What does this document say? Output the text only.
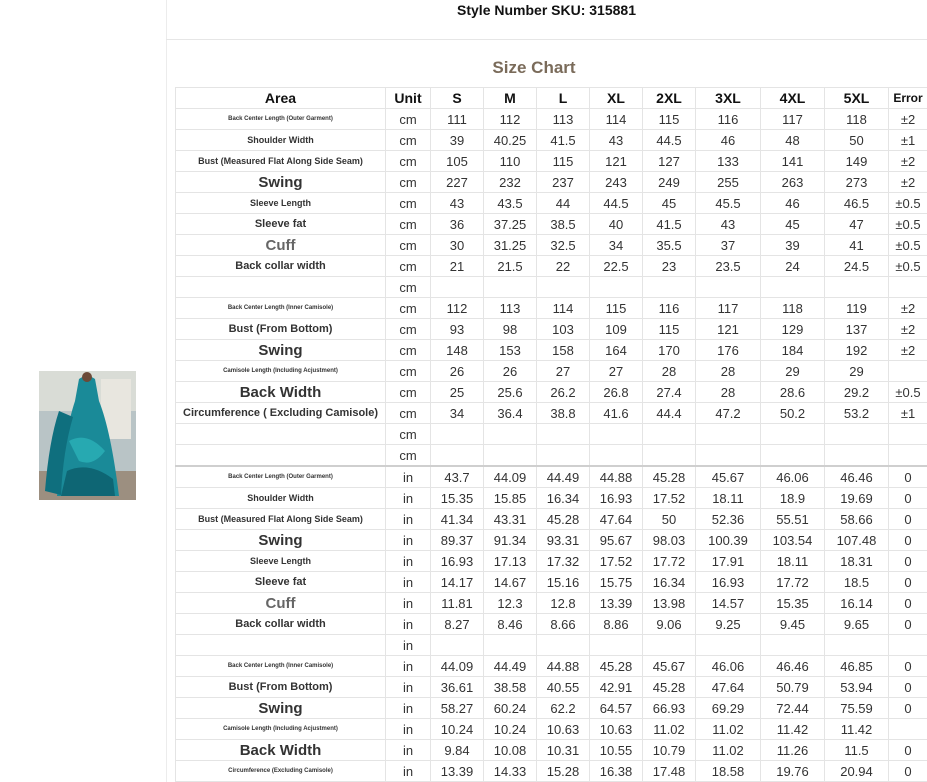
Style Number SKU: 315881
Size Chart
Area	Unit	S	M	L	XL	2XL	3XL	4XL	5XL	Error
Back Center Length (Outer Garment)	cm	111	112	113	114	115	116	117	118	±2
Shoulder Width	cm	39	40.25	41.5	43	44.5	46	48	50	±1
Bust (Measured Flat Along Side Seam)	cm	105	110	115	121	127	133	141	149	±2
Swing	cm	227	232	237	243	249	255	263	273	±2
Sleeve Length	cm	43	43.5	44	44.5	45	45.5	46	46.5	±0.5
Sleeve fat	cm	36	37.25	38.5	40	41.5	43	45	47	±0.5
Cuff	cm	30	31.25	32.5	34	35.5	37	39	41	±0.5
Back collar width	cm	21	21.5	22	22.5	23	23.5	24	24.5	±0.5
	cm									
Back Center Length (Inner Camisole)	cm	112	113	114	115	116	117	118	119	±2
Bust (From Bottom)	cm	93	98	103	109	115	121	129	137	±2
Swing	cm	148	153	158	164	170	176	184	192	±2
Camisole Length (Including Acjustment)	cm	26	26	27	27	28	28	29	29	
Back Width	cm	25	25.6	26.2	26.8	27.4	28	28.6	29.2	±0.5
Circumference ( Excluding Camisole)	cm	34	36.4	38.8	41.6	44.4	47.2	50.2	53.2	±1
	cm									
	cm									
Back Center Length (Outer Garment)	in	43.7	44.09	44.49	44.88	45.28	45.67	46.06	46.46	0
Shoulder Width	in	15.35	15.85	16.34	16.93	17.52	18.11	18.9	19.69	0
Bust (Measured Flat Along Side Seam)	in	41.34	43.31	45.28	47.64	50	52.36	55.51	58.66	0
Swing	in	89.37	91.34	93.31	95.67	98.03	100.39	103.54	107.48	0
Sleeve Length	in	16.93	17.13	17.32	17.52	17.72	17.91	18.11	18.31	0
Sleeve fat	in	14.17	14.67	15.16	15.75	16.34	16.93	17.72	18.5	0
Cuff	in	11.81	12.3	12.8	13.39	13.98	14.57	15.35	16.14	0
Back collar width	in	8.27	8.46	8.66	8.86	9.06	9.25	9.45	9.65	0
	in									
Back Center Length (Inner Camisole)	in	44.09	44.49	44.88	45.28	45.67	46.06	46.46	46.85	0
Bust (From Bottom)	in	36.61	38.58	40.55	42.91	45.28	47.64	50.79	53.94	0
Swing	in	58.27	60.24	62.2	64.57	66.93	69.29	72.44	75.59	0
Camisole Length (Including Acjustment)	in	10.24	10.24	10.63	10.63	11.02	11.02	11.42	11.42	
Back Width	in	9.84	10.08	10.31	10.55	10.79	11.02	11.26	11.5	0
Circumference (Excluding Camisole)	in	13.39	14.33	15.28	16.38	17.48	18.58	19.76	20.94	0
